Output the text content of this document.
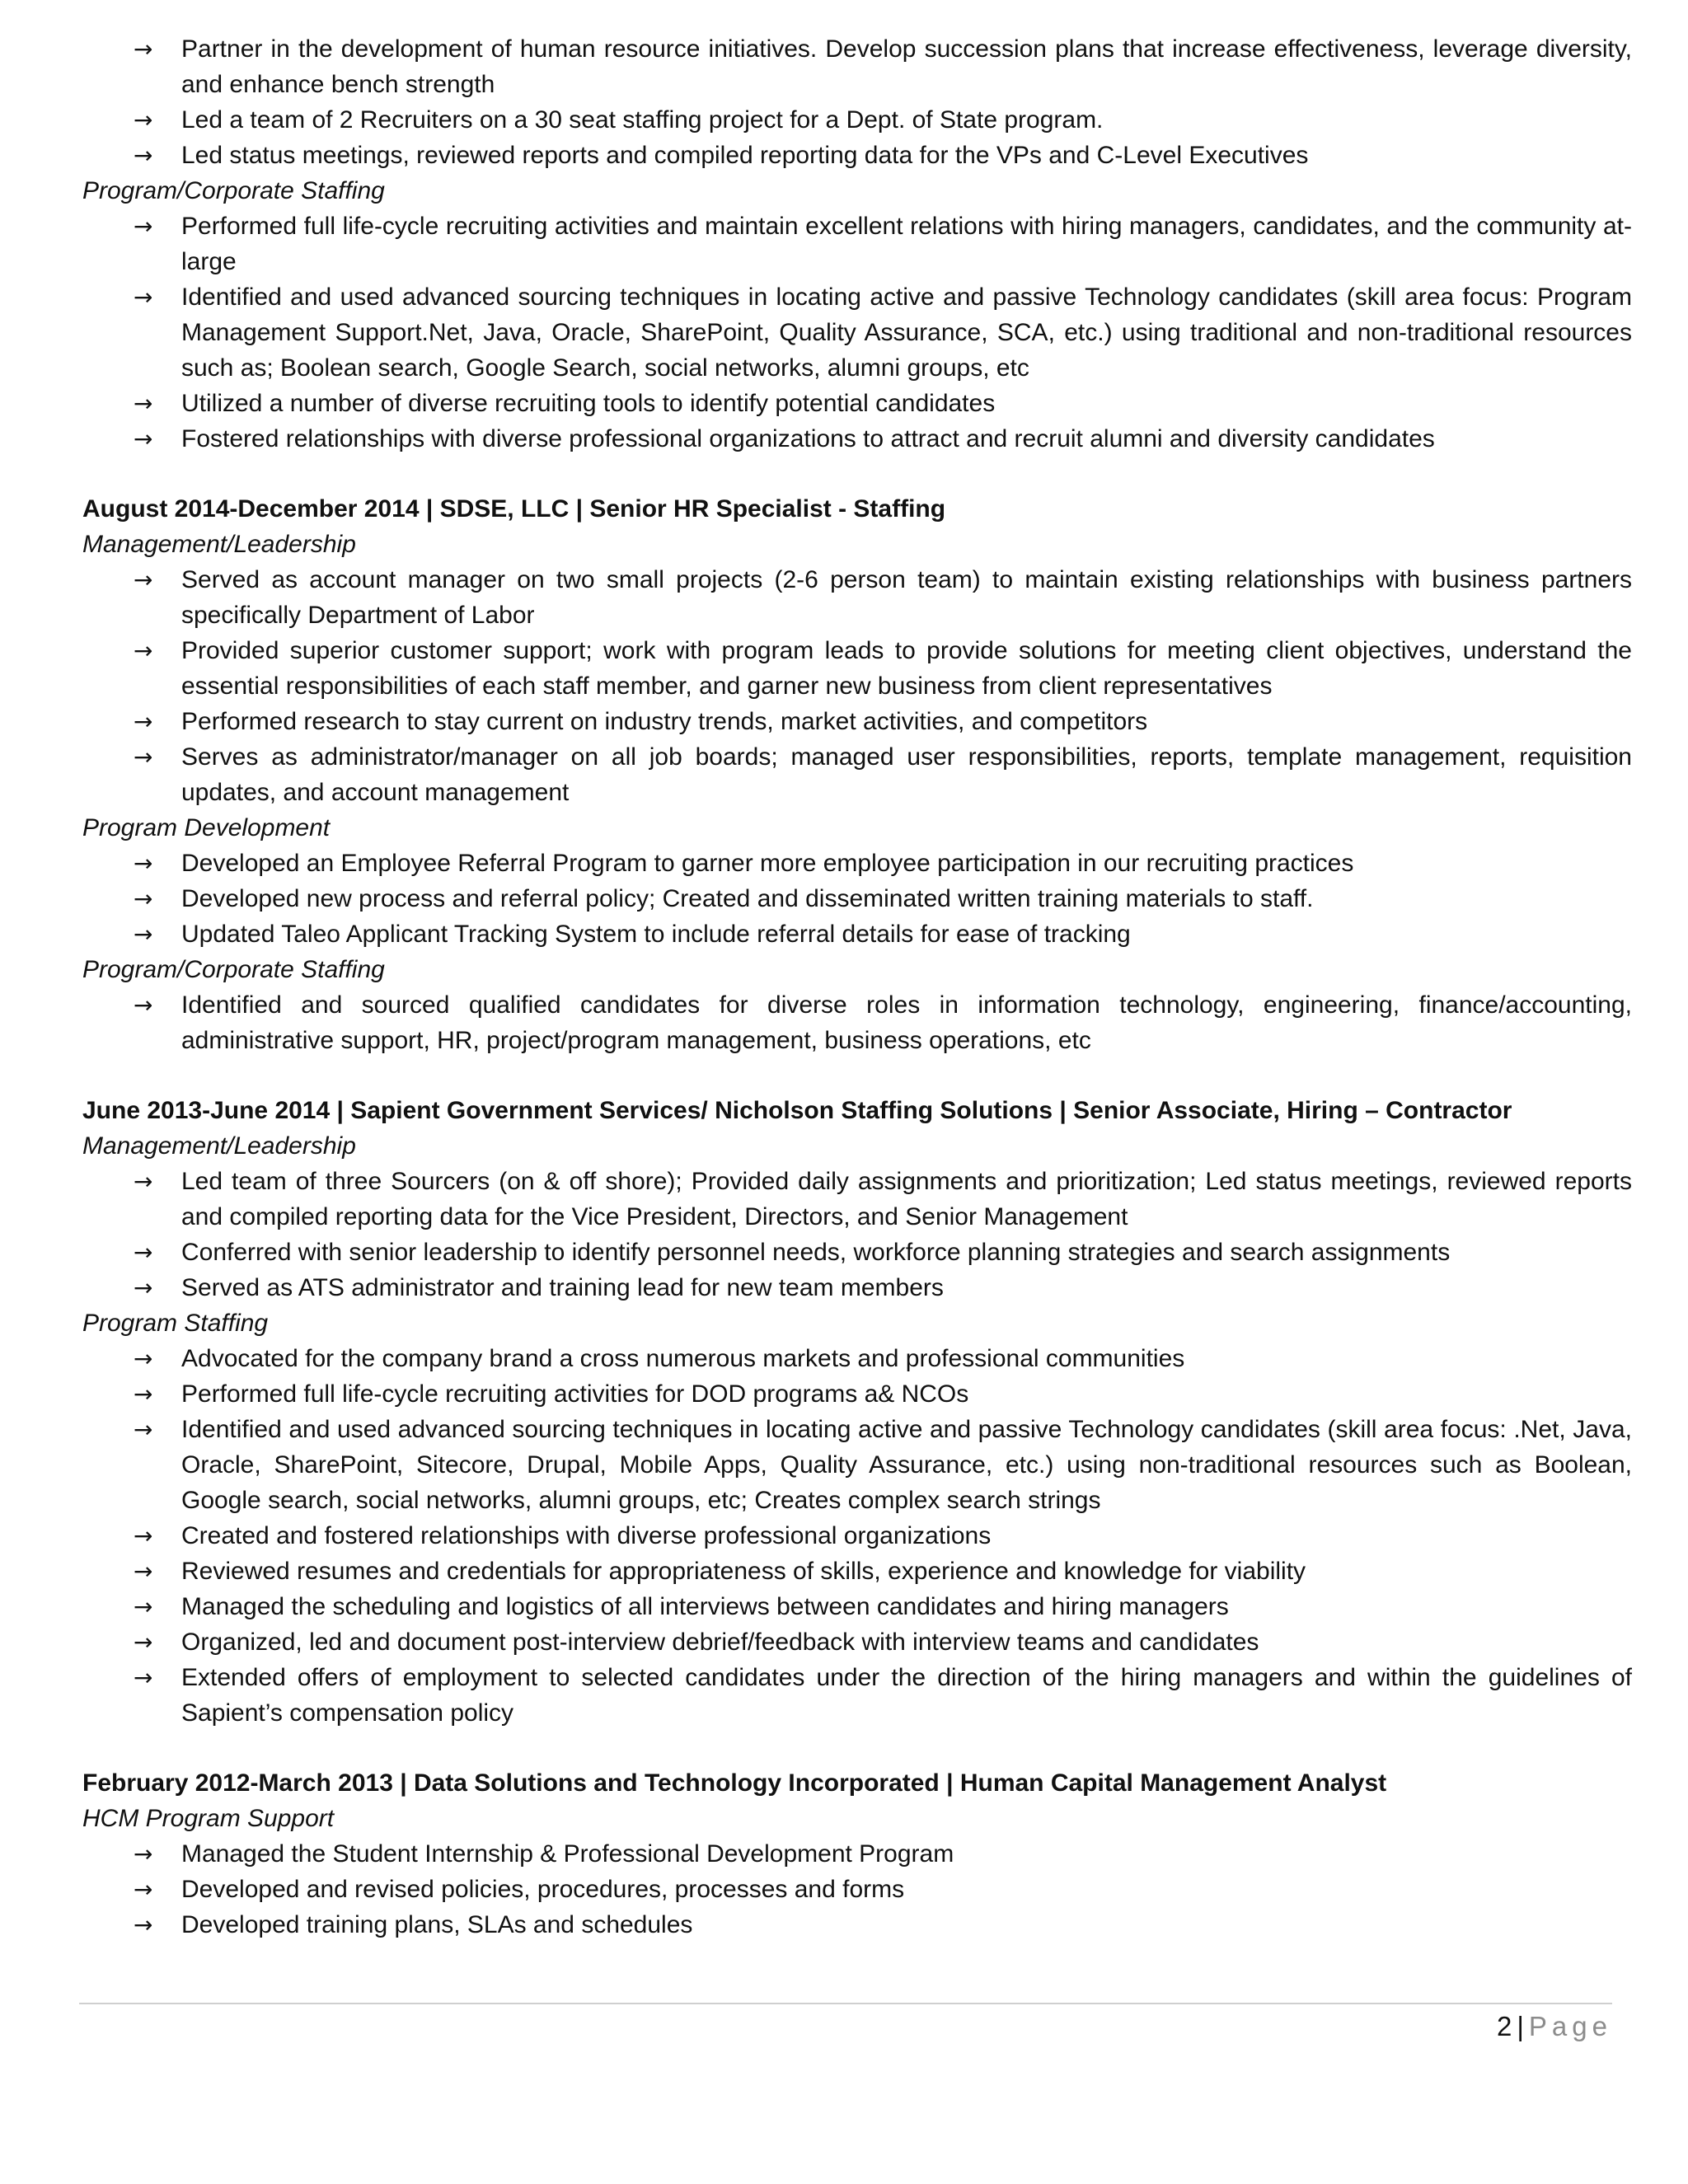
→ Partner in the development of human resource initiatives. Develop succession plans that increase effectiveness, leverage diversity, and enhance bench strength
→ Led a team of 2 Recruiters on a 30 seat staffing project for a Dept. of State program.
→ Led status meetings, reviewed reports and compiled reporting data for the VPs and C-Level Executives
Program/Corporate Staffing
→ Performed full life-cycle recruiting activities and maintain excellent relations with hiring managers, candidates, and the community at-large
→ Identified and used advanced sourcing techniques in locating active and passive Technology candidates (skill area focus: Program Management Support.Net, Java, Oracle, SharePoint, Quality Assurance, SCA, etc.) using traditional and non-traditional resources such as; Boolean search, Google Search, social networks, alumni groups, etc
→ Utilized a number of diverse recruiting tools to identify potential candidates
→ Fostered relationships with diverse professional organizations to attract and recruit alumni and diversity candidates
August 2014-December 2014 | SDSE, LLC | Senior HR Specialist - Staffing
Management/Leadership
→ Served as account manager on two small projects (2-6 person team) to maintain existing relationships with business partners specifically Department of Labor
→ Provided superior customer support; work with program leads to provide solutions for meeting client objectives, understand the essential responsibilities of each staff member, and garner new business from client representatives
→ Performed research to stay current on industry trends, market activities, and competitors
→ Serves as administrator/manager on all job boards; managed user responsibilities, reports, template management, requisition updates, and account management
Program Development
→ Developed an Employee Referral Program to garner more employee participation in our recruiting practices
→ Developed new process and referral policy; Created and disseminated written training materials to staff.
→ Updated Taleo Applicant Tracking System to include referral details for ease of tracking
Program/Corporate Staffing
→ Identified and sourced qualified candidates for diverse roles in information technology, engineering, finance/accounting, administrative support, HR, project/program management, business operations, etc
June 2013-June 2014 | Sapient Government Services/ Nicholson Staffing Solutions | Senior Associate, Hiring – Contractor
Management/Leadership
→ Led team of three Sourcers (on & off shore); Provided daily assignments and prioritization; Led status meetings, reviewed reports and compiled reporting data for the Vice President, Directors, and Senior Management
→ Conferred with senior leadership to identify personnel needs, workforce planning strategies and search assignments
→ Served as ATS administrator and training lead for new team members
Program Staffing
→ Advocated for the company brand a cross numerous markets and professional communities
→ Performed full life-cycle recruiting activities for DOD programs a& NCOs
→ Identified and used advanced sourcing techniques in locating active and passive Technology candidates (skill area focus: .Net, Java, Oracle, SharePoint, Sitecore, Drupal, Mobile Apps, Quality Assurance, etc.) using non-traditional resources such as Boolean, Google search, social networks, alumni groups, etc; Creates complex search strings
→ Created and fostered relationships with diverse professional organizations
→ Reviewed resumes and credentials for appropriateness of skills, experience and knowledge for viability
→ Managed the scheduling and logistics of all interviews between candidates and hiring managers
→ Organized, led and document post-interview debrief/feedback with interview teams and candidates
→ Extended offers of employment to selected candidates under the direction of the hiring managers and within the guidelines of Sapient’s compensation policy
February 2012-March 2013 | Data Solutions and Technology Incorporated | Human Capital Management Analyst
HCM Program Support
→ Managed the Student Internship & Professional Development Program
→ Developed and revised policies, procedures, processes and forms
→ Developed training plans, SLAs and schedules
2 | Page
